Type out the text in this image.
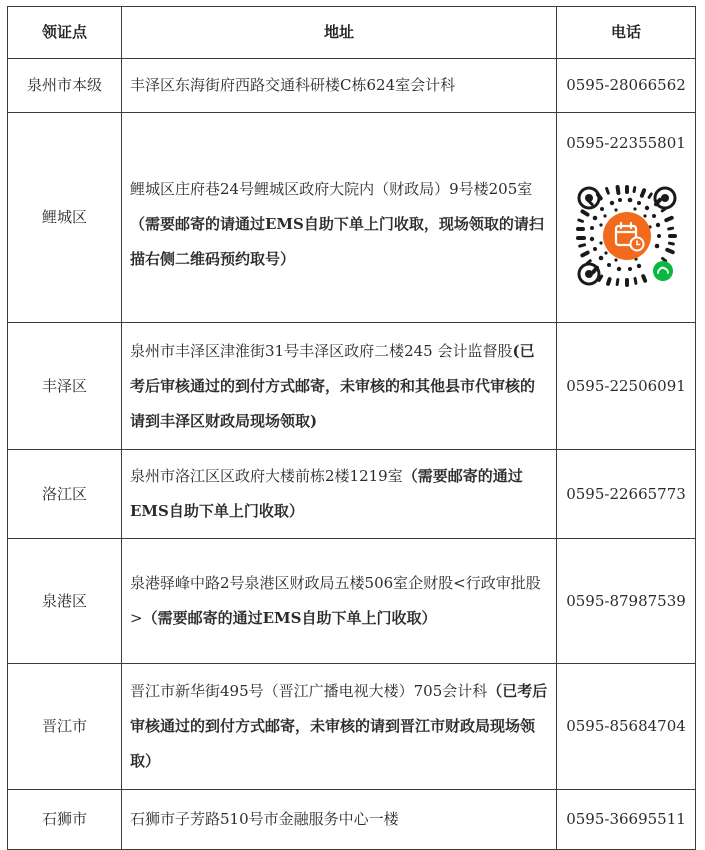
领证点	地址	电话
泉州市本级	丰泽区东海街府西路交通科研楼C栋624室会计科	0595-28066562
鲤城区	鲤城区庄府巷24号鲤城区政府大院内（财政局）9号楼205室（需要邮寄的请通过EMS自助下单上门收取，现场领取的请扫描右侧二维码预约取号）	0595-22355801

丰泽区	泉州市丰泽区津淮街31号丰泽区政府二楼245 会计监督股(已考后审核通过的到付方式邮寄，未审核的和其他县市代审核的请到丰泽区财政局现场领取)	0595-22506091
洛江区	泉州市洛江区区政府大楼前栋2楼1219室（需要邮寄的通过EMS自助下单上门收取）	0595-22665773
泉港区	泉港驿峰中路2号泉港区财政局五楼506室企财股<行政审批股>（需要邮寄的通过EMS自助下单上门收取）	0595-87987539
晋江市	晋江市新华街495号（晋江广播电视大楼）705会计科（已考后审核通过的到付方式邮寄，未审核的请到晋江市财政局现场领取）	0595-85684704
石狮市	石狮市子芳路510号市金融服务中心一楼	0595-36695511
